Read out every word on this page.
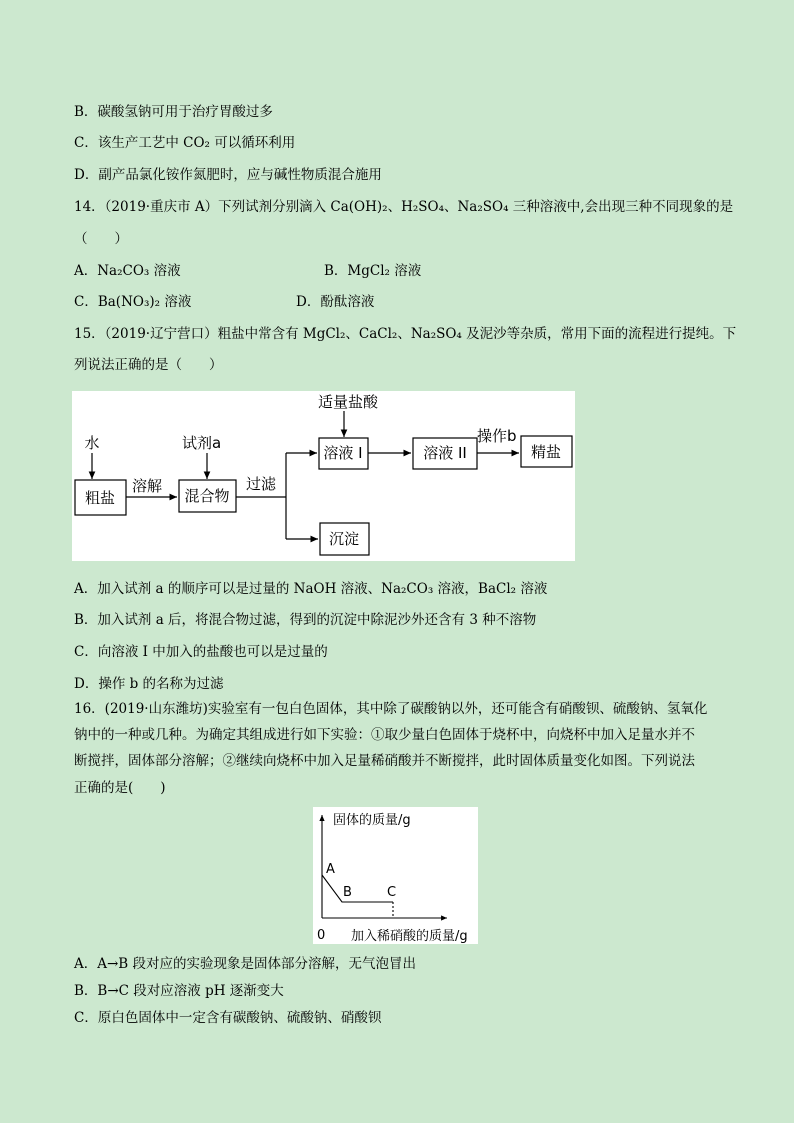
B．碳酸氢钠可用于治疗胃酸过多
C．该生产工艺中 CO₂ 可以循环利用
D．副产品氯化铵作氮肥时，应与碱性物质混合施用
14．（2019·重庆市 A）下列试剂分别滴入 Ca(OH)₂、H₂SO₄、Na₂SO₄ 三种溶液中,会出现三种不同现象的是
（　　）
A．Na₂CO₃ 溶液	B．MgCl₂ 溶液
C．Ba(NO₃)₂ 溶液	D．酚酞溶液
15．（2019·辽宁营口）粗盐中常含有 MgCl₂、CaCl₂、Na₂SO₄ 及泥沙等杂质，常用下面的流程进行提纯。下
列说法正确的是（　　）
水	试剂a
适量盐酸
粗盐
溶解
混合物
过滤
溶液 I	溶液 II
操作b
精盐
沉淀
A．加入试剂 a 的顺序可以是过量的 NaOH 溶液、Na₂CO₃ 溶液，BaCl₂ 溶液
B．加入试剂 a 后，将混合物过滤，得到的沉淀中除泥沙外还含有 3 种不溶物
C．向溶液 I 中加入的盐酸也可以是过量的
D．操作 b 的名称为过滤
16．(2019·山东潍坊)实验室有一包白色固体，其中除了碳酸钠以外，还可能含有硝酸钡、硫酸钠、氢氧化
钠中的一种或几种。为确定其组成进行如下实验：①取少量白色固体于烧杯中，向烧杯中加入足量水并不
断搅拌，固体部分溶解；②继续向烧杯中加入足量稀硝酸并不断搅拌，此时固体质量变化如图。下列说法
正确的是(　　)
固体的质量/g
加入稀硝酸的质量/g
0
A
B	C
A．A→B 段对应的实验现象是固体部分溶解，无气泡冒出
B．B→C 段对应溶液 pH 逐渐变大
C．原白色固体中一定含有碳酸钠、硫酸钠、硝酸钡
